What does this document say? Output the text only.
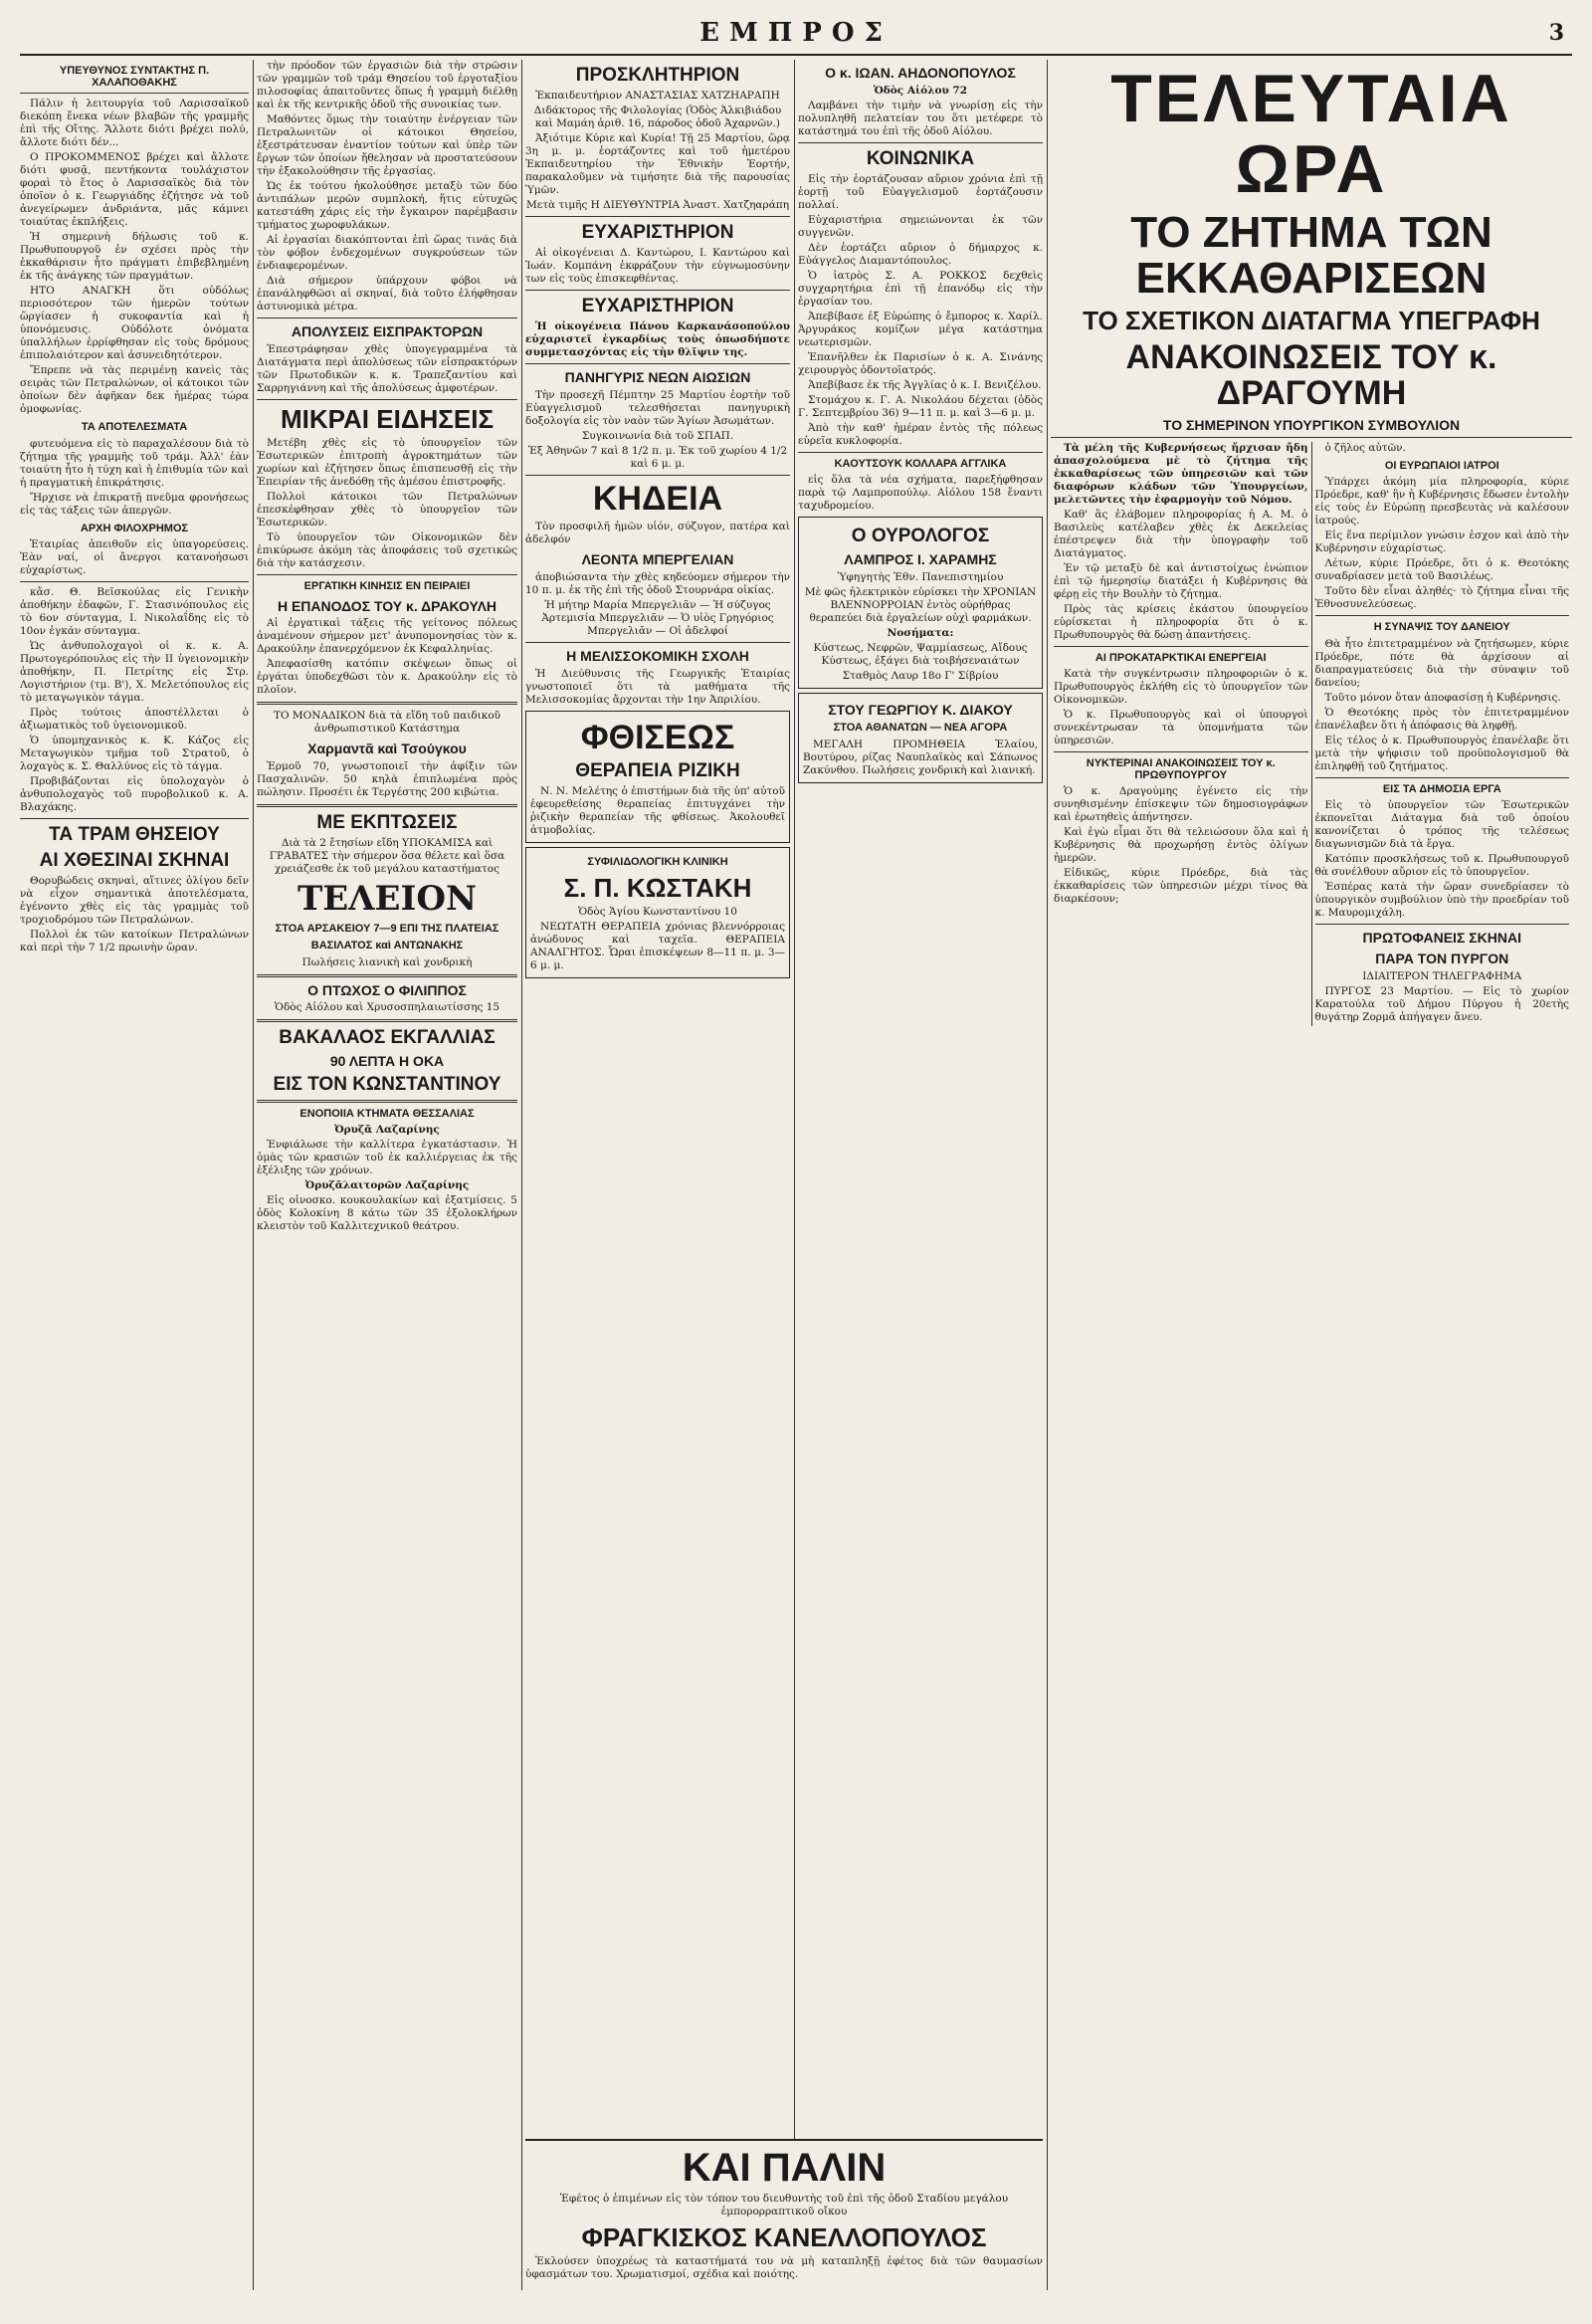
ΕΜΠΡΟΣ	3
ΥΠΕΥΘΥΝΟΣ ΣΥΝΤΑΚΤΗΣ Π. ΧΑΛΑΠΟΘΑΚΗΣ

Πάλιν ἡ λειτουργία τοῦ Λαρισσαϊκοῦ διεκόπη ἕνεκα νέων βλαβῶν τῆς γραμμῆς ἐπὶ τῆς Οἴτης. Ἄλλοτε διότι βρέχει πολύ, ἄλλοτε διότι δέν...

Ο ΠΡΟΚΟΜΜΕΝΟΣ βρέχει καὶ ἄλλοτε διότι φυσᾷ, πεντήκοντα τουλάχιστον φοραὶ τὸ ἔτος ὁ Λαρισσαϊκὸς διὰ τὸν ὁποῖον ὁ κ. Γεωργιάδης ἐζήτησε νὰ τοῦ ἀνεγείρωμεν ἀνδριάντα, μᾶς κάμνει τοιαύτας ἐκπλήξεις.

Ἡ σημερινὴ δήλωσις τοῦ κ. Πρωθυπουργοῦ ἐν σχέσει πρὸς τὴν ἐκκαθάρισιν ἦτο πράγματι ἐπιβεβλημένη ἐκ τῆς ἀνάγκης τῶν πραγμάτων.

ΗΤΟ ΑΝΑΓΚΗ ὅτι οὐδόλως περιοσότερον τῶν ἡμερῶν τούτων ὥργίασεν ἡ συκοφαντία καὶ ἡ ὑπονόμευσις. Οὐδόλοτε ὀνόματα ὑπαλλήλων ἐρρίφθησαν εἰς τοὺς δρόμους ἐπιπολαιότερον καὶ ἀσυνειδητότερον.

Ἔπρεπε νὰ τὰς περιμένῃ κανεὶς τὰς σειρὰς τῶν Πετραλώνων, οἱ κάτοικοι τῶν ὁποίων δὲν ἀφῆκαν δεκ ἡμέρας τώρα ὁμοφωνίας.

ΤΑ ΑΠΟΤΕΛΕΣΜΑΤΑ

φυτευόμενα εἰς τὸ παραχαλέσουν διὰ τὸ ζήτημα τῆς γραμμῆς τοῦ τράμ. Ἀλλ' ἐὰν τοιαύτη ἦτο ἡ τύχη καὶ ἡ ἐπιθυμία τῶν καὶ ἡ πραγματικὴ ἐπικράτησις.

Ἤρχισε νὰ ἐπικρατῇ πνεῦμα φρονήσεως εἰς τὰς τάξεις τῶν ἀπεργῶν.

ΑΡΧΗ ΦΙΛΟΧΡΗΜΟΣ

Ἑταιρίας ἀπειθοῦν εἰς ὑπαγορεύσεις. Ἐὰν ναί, οἱ ἄνεργοι κατανοήσωσι εὐχαρίστως.

κἄσ. Θ. Βεϊσκούλας εἰς Γενικὴν ἀποθήκην ἐδαφῶν, Γ. Στασινόπουλος εἰς τὸ 6ον σύνταγμα, Ι. Νικολαΐδης εἰς τὸ 10ον ἐγκάν σύνταγμα.

Ὡς ἀνθυπολοχαγοὶ οἱ κ. κ. Α. Πρωτογερόπουλος εἰς τὴν ΙΙ ὑγειονομικὴν ἀποθήκην, Π. Πετρίτης εἰς Στρ. Λογιστήριον (τμ. Β'), Χ. Μελετόπουλος εἰς τὸ μεταγωγικὸν τάγμα.

Πρὸς τούτοις ἀποστέλλεται ὁ ἀξιωματικὸς τοῦ ὑγειονομικοῦ.

Ὁ ὑπομηχανικὸς κ. Κ. Κάζος εἰς Μεταγωγικὸν τμῆμα τοῦ Στρατοῦ, ὁ λοχαγὸς κ. Σ. Θαλλύνος εἰς τὸ τάγμα.

Προβιβάζονται εἰς ὑπολοχαγὸν ὁ ἀνθυπολοχαγὸς τοῦ πυροβολικοῦ κ. Α. Βλαχάκης.

ΤΑ ΤΡΑΜ ΘΗΣΕΙΟΥ
ΑΙ ΧΘΕΣΙΝΑΙ ΣΚΗΝΑΙ

Θορυβώδεις σκηναὶ, αἵτινες ὀλίγου δεῖν νὰ εἶχον σημαντικὰ ἀποτελέσματα, ἐγένοντο χθὲς εἰς τὰς γραμμὰς τοῦ τροχιοδρόμου τῶν Πετραλώνων.

Πολλοὶ ἐκ τῶν κατοίκων Πετραλώνων καὶ περὶ τὴν 7 1/2 πρωινὴν ὥραν.

τὴν πρόοδον τῶν ἐργασιῶν διὰ τὴν στρῶσιν τῶν γραμμῶν τοῦ τράμ Θησείου τοῦ ἐργοταξίου πιλοσοφίας ἀπαιτοῦντες ὅπως ἡ γραμμὴ διέλθῃ καὶ ἐκ τῆς κεντρικῆς ὁδοῦ τῆς συνοικίας των.

Μαθόντες ὅμως τὴν τοιαύτην ἐνέργειαν τῶν Πετραλωνιτῶν οἱ κάτοικοι Θησείου, ἐξεστράτευσαν ἐναντίον τούτων καὶ ὑπὲρ τῶν ἔργων τῶν ὁποίων ἤθελησαν νὰ προστατεύσουν τὴν ἐξακολούθησιν τῆς ἐργασίας.

Ὡς ἐκ τούτου ἠκολούθησε μεταξὺ τῶν δύο ἀντιπάλων μερῶν συμπλοκή, ἥτις εὐτυχῶς κατεστάθη χάρις εἰς τὴν ἔγκαιρον παρέμβασιν τμήματος χωροφυλάκων.

Αἱ ἐργασίαι διακόπτονται ἐπὶ ὥρας τινάς διὰ τὸν φόβον ἐνδεχομένων συγκρούσεων τῶν ἐνδιαφερομένων.

Διὰ σήμερον ὑπάρχουν φόβοι νὰ ἐπανάληφθῶσι αἱ σκηναί, διὰ τοῦτο ἐλήφθησαν ἀστυνομικὰ μέτρα.

ΑΠΟΛΥΣΕΙΣ ΕΙΣΠΡΑΚΤΟΡΩΝ

Ἐπεστράφησαν χθὲς ὑπογεγραμμένα τὰ Διατάγματα περὶ ἀπολύσεως τῶν εἰσπρακτόρων τῶν Πρωτοδικῶν κ. κ. Τραπεζαντίου καὶ Σαρρηγιάννη καὶ τῆς ἀπολύσεως ἀμφοτέρων.

ΜΙΚΡΑΙ ΕΙΔΗΣΕΙΣ

Μετέβη χθὲς εἰς τὸ ὑπουργεῖον τῶν Ἐσωτερικῶν ἐπιτροπὴ ἀγροκτημάτων τῶν χωρίων καὶ ἐζήτησεν ὅπως ἐπισπευσθῇ εἰς τὴν Ἐπειρίαν τῆς ἀνεδόθῃ τῆς ἀμέσου ἐπιστροφῆς.

Πολλοὶ κάτοικοι τῶν Πετραλώνων ἐπεσκέφθησαν χθὲς τὸ ὑπουργεῖον τῶν Ἐσωτερικῶν.

Τὸ ὑπουργεῖον τῶν Οἰκονομικῶν δὲν ἐπικύρωσε ἀκόμη τὰς ἀποφάσεις τοῦ σχετικῶς διὰ τὴν κατάσχεσιν.

ΕΡΓΑΤΙΚΗ ΚΙΝΗΣΙΣ ΕΝ ΠΕΙΡΑΙΕΙ
Η ΕΠΑΝΟΔΟΣ ΤΟΥ κ. ΔΡΑΚΟΥΛΗ

Αἱ ἐργατικαὶ τάξεις τῆς γείτονος πόλεως ἀναμένουν σήμερον μετ' ἀνυπομονησίας τὸν κ. Δρακούλην ἐπανερχόμενον ἐκ Κεφαλληνίας.

Ἀπεφασίσθη κατόπιν σκέψεων ὅπως οἱ ἐργάται ὑποδεχθῶσι τὸν κ. Δρακούλην εἰς τὸ πλοῖον.

ΤΟ ΜΟΝΑΔΙΚΟΝ διὰ τὰ εἴδη τοῦ παιδικοῦ ἀνθρωπιστικοῦ Κατάστημα

Χαρμαντᾶ καὶ Τσούγκου

Ἑρμοῦ 70, γνωστοποιεῖ τὴν ἀφίξιν τῶν Πασχαλινῶν. 50 κηλὰ ἐπιπλωμένα πρὸς πώλησιν. Προσέτι ἐκ Τεργέστης 200 κιβώτια.

ΜΕ ΕΚΠΤΩΣΕΙΣ

Διὰ τὰ 2 ἔτησίων εἴδη ΥΠΟΚΑΜΙΣΑ καὶ ΓΡΑΒΑΤΕΣ τὴν σήμερον ὅσα θέλετε καὶ ὅσα χρειάζεσθε ἐκ τοῦ μεγάλου καταστήματος

ΤΕΛΕΙΟΝ
ΣΤΟΑ ΑΡΣΑΚΕΙΟΥ 7—9 ΕΠΙ ΤΗΣ ΠΛΑΤΕΙΑΣ
ΒΑΣΙΛΑΤΟΣ καὶ ΑΝΤΩΝΑΚΗΣ

Πωλήσεις λιανικὴ καὶ χονδρικὴ

Ο ΠΤΩΧΟΣ Ο ΦΙΛΙΠΠΟΣ

Ὁδὸς Αἰόλου καὶ Χρυσοσπηλαιωτίσσης 15

ΒΑΚΑΛΑΟΣ ΕΚΓΑΛΛΙΑΣ
90 ΛΕΠΤΑ Η ΟΚΑ
ΕΙΣ ΤΟΝ ΚΩΝΣΤΑΝΤΙΝΟΥ
ΕΝΟΠΟΙΙΑ ΚΤΗΜΑΤΑ ΘΕΣΣΑΛΙΑΣ

Ὀρυζᾶ Λαζαρίνης

Ἐνφιάλωσε τὴν καλλίτερα ἐγκατάστασιν. Ἡ ὁμὰς τῶν κρασιῶν τοῦ ἐκ καλλιέργειας ἐκ τῆς ἐξέλιξης τῶν χρόνων.

Ὀρυζᾶλαιτορῶν Λαζαρίνης

Εἰς οἰνοσκο. κουκουλακίων καὶ ἐξατμίσεις. 5 ὁδὸς Κολοκίνη 8 κάτω τῶν 35 ἐξολοκλήρων κλειστὸν τοῦ Καλλιτεχνικοῦ θεάτρου.

ΠΡΟΣΚΛΗΤΗΡΙΟΝ

Ἐκπαιδευτήριον ΑΝΑΣΤΑΣΙΑΣ ΧΑΤΖΗΑΡΑΠΗ

Διδάκτορος τῆς Φιλολογίας (Ὁδὸς Ἀλκιβιάδου καὶ Μαμάη ἀριθ. 16, πάροδος ὁδοῦ Ἀχαρνῶν.)

Ἀξιότιμε Κύριε καὶ Κυρία! Τῇ 25 Μαρτίου, ὥρᾳ 3η μ. μ. ἑορτάζοντες καὶ τοῦ ἡμετέρου Ἐκπαιδευτηρίου τὴν Ἐθνικὴν Ἑορτήν, παρακαλοῦμεν νὰ τιμήσητε διὰ τῆς παρουσίας Ὑμῶν.

Μετὰ τιμῆς Η ΔΙΕΥΘΥΝΤΡΙΑ Ἀναστ. Χατζηαράπη

ΕΥΧΑΡΙΣΤΗΡΙΟΝ

Αἱ οἰκογένειαι Δ. Καντώρου, Ι. Καντώρου καὶ Ἰωάν. Κομπάνη ἐκφράζουν τὴν εὐγνωμοσύνην των εἰς τοὺς ἐπισκεφθέντας.

ΕΥΧΑΡΙΣΤΗΡΙΟΝ

Ἡ οἰκογένεια Πάνου Καρκανάσοπούλου εὐχαριστεῖ ἐγκαρδίως τοὺς ὁπωσδήποτε συμμετασχόντας εἰς τὴν θλῖψιν της.

ΠΑΝΗΓΥΡΙΣ ΝΕΩΝ ΑΙΩΣΙΩΝ

Τὴν προσεχῆ Πέμπτην 25 Μαρτίου ἑορτὴν τοῦ Εὐαγγελισμοῦ τελεσθήσεται πανηγυρικὴ δοξολογία εἰς τὸν ναὸν τῶν Ἁγίων Ἀσωμάτων.

Συγκοινωνία διὰ τοῦ ΣΠΑΠ.

Ἐξ Ἀθηνῶν 7 καὶ 8 1/2 π. μ. Ἐκ τοῦ χωρίου 4 1/2 καὶ 6 μ. μ.

ΚΗΔΕΙΑ

Τὸν προσφιλῆ ἡμῶν υἱόν, σύζυγον, πατέρα καὶ ἀδελφόν

ΛΕΟΝΤΑ ΜΠΕΡΓΕΛΙΑΝ

ἀποβιώσαντα τὴν χθὲς κηδεύομεν σήμερον τὴν 10 π. μ. ἐκ τῆς ἐπὶ τῆς ὁδοῦ Στουρνάρα οἰκίας.

Ἡ μήτηρ Μαρία Μπεργελιᾶν — Ἡ σύζυγος Ἀρτεμισία Μπεργελιᾶν — Ὁ υἱὸς Γρηγόριος Μπεργελιᾶν — Οἱ ἀδελφοί

Η ΜΕΛΙΣΣΟΚΟΜΙΚΗ ΣΧΟΛΗ

Ἡ Διεύθυνσις τῆς Γεωργικῆς Ἑταιρίας γνωστοποιεῖ ὅτι τὰ μαθήματα τῆς Μελισσοκομίας ἄρχονται τὴν 1ην Ἀπριλίου.

ΦΘΙΣΕΩΣ
ΘΕΡΑΠΕΙΑ ΡΙΖΙΚΗ

Ν. Ν. Μελέτης ὁ ἐπιστήμων διὰ τῆς ὑπ' αὐτοῦ ἐφευρεθείσης θεραπείας ἐπιτυγχάνει τὴν ῥιζικὴν θεραπείαν τῆς φθίσεως. Ἀκολουθεῖ ἀτμοβολίας.

ΣΥΦΙΛΙΔΟΛΟΓΙΚΗ ΚΛΙΝΙΚΗ
Σ. Π. ΚΩΣΤΑΚΗ

Ὁδὸς Ἁγίου Κωνσταντίνου 10

ΝΕΩΤΑΤΗ ΘΕΡΑΠΕΙΑ χρόνιας βλεννόρροιας ἀνώδυνος καὶ ταχεῖα. ΘΕΡΑΠΕΙΑ ΑΝΑΛΓΗΤΟΣ. Ὧραι ἐπισκέψεων 8—11 π. μ. 3—6 μ. μ.

Ο κ. ΙΩΑΝ. ΑΗΔΟΝΟΠΟΥΛΟΣ

Ὁδὸς Αἰόλου 72

Λαμβάνει τὴν τιμὴν νὰ γνωρίσῃ εἰς τὴν πολυπληθῆ πελατείαν του ὅτι μετέφερε τὸ κατάστημά του ἐπὶ τῆς ὁδοῦ Αἰόλου.

ΚΟΙΝΩΝΙΚΑ

Εἰς τὴν ἑορτάζουσαν αὔριον χρόνια ἐπὶ τῇ ἑορτῇ τοῦ Εὐαγγελισμοῦ ἑορτάζουσιν πολλαί.

Εὐχαριστήρια σημειώνονται ἐκ τῶν συγγενῶν.

Δὲν ἑορτάζει αὔριον ὁ δήμαρχος κ. Εὐάγγελος Διαμαντόπουλος.

Ὁ ἰατρὸς Σ. Α. ΡΟΚΚΟΣ δεχθεὶς συγχαρητήρια ἐπὶ τῇ ἐπανόδῳ εἰς τὴν ἐργασίαν του.

Ἀπεβίβασε ἐξ Εὐρώπης ὁ ἔμπορος κ. Χαρίλ. Ἀργυράκος κομίζων μέγα κατάστημα νεωτερισμῶν.

Ἐπανῆλθεν ἐκ Παρισίων ὁ κ. Α. Σινάνης χειρουργὸς ὀδοντοϊατρός.

Ἀπεβίβασε ἐκ τῆς Ἀγγλίας ὁ κ. Ι. Βενιζέλου.

Στομάχου κ. Γ. Α. Νικολάου δέχεται (ὁδὸς Γ. Σεπτεμβρίου 36) 9—11 π. μ. καὶ 3—6 μ. μ.

Ἀπὸ τὴν καθ' ἡμέραν ἐντὸς τῆς πόλεως εὑρεῖα κυκλοφορία.

ΚΑΟΥΤΣΟΥΚ ΚΟΛΛΑΡΑ ΑΓΓΛΙΚΑ

εἰς ὅλα τὰ νέα σχήματα, παρεξήφθησαν παρὰ τῷ Λαμπροπούλῳ. Αἰόλου 158 ἔναντι ταχυδρομείου.

Ο ΟΥΡΟΛΟΓΟΣ
ΛΑΜΠΡΟΣ Ι. ΧΑΡΑΜΗΣ

Ὑφηγητὴς Ἐθν. Πανεπιστημίου

Μὲ φῶς ἠλεκτρικὸν εὑρίσκει τὴν ΧΡΟΝΙΑΝ ΒΛΕΝΝΟΡΡΟΙΑΝ ἐντὸς οὐρήθρας θεραπεύει διὰ ἐργαλείων οὐχὶ φαρμάκων.

Νοσήματα:

Κύστεως, Νεφρῶν, Ψαμμίασεως, Αἴδους Κύστεως, ἐξάγει διὰ τοιβήσεναιάτων

Σταθμὸς Λαυρ 18ο Γ' Σίβρίου

ΣΤΟΥ ΓΕΩΡΓΙΟΥ Κ. ΔΙΑΚΟΥ
ΣΤΟΑ ΑΘΑΝΑΤΩΝ — ΝΕΑ ΑΓΟΡΑ

ΜΕΓΑΛΗ ΠΡΟΜΗΘΕΙΑ Ἐλαίου, Βουτύρου, ρίζας Ναυπλαϊκὸς καὶ Σάπωνος Ζακύνθου. Πωλήσεις χονδρικὴ καὶ λιανική.

ΤΕΛΕΥΤΑΙΑ ΩΡΑ
ΤΟ ΖΗΤΗΜΑ ΤΩΝ ΕΚΚΑΘΑΡΙΣΕΩΝ
ΤΟ ΣΧΕΤΙΚΟΝ ΔΙΑΤΑΓΜΑ ΥΠΕΓΡΑΦΗ
ΑΝΑΚΟΙΝΩΣΕΙΣ ΤΟΥ κ. ΔΡΑΓΟΥΜΗ
ΤΟ ΣΗΜΕΡΙΝΟΝ ΥΠΟΥΡΓΙΚΟΝ ΣΥΜΒΟΥΛΙΟΝ

Τὰ μέλη τῆς Κυβερνήσεως ἤρχισαν ἤδη ἀπασχολούμενα μὲ τὸ ζήτημα τῆς ἐκκαθαρίσεως τῶν ὑπηρεσιῶν καὶ τῶν διαφόρων κλάδων τῶν Ὑπουργείων, μελετῶντες τὴν ἐφαρμογὴν τοῦ Νόμου.

Καθ' ἃς ἐλάβομεν πληροφορίας ἡ Α. Μ. ὁ Βασιλεὺς κατέλαβεν χθὲς ἐκ Δεκελείας ἐπέστρεψεν διὰ τὴν ὑπογραφὴν τοῦ Διατάγματος.

Ἐν τῷ μεταξὺ δὲ καὶ ἀντιστοίχως ἑνώπιον ἐπὶ τῷ ἡμερησίῳ διατάξει ἡ Κυβέρνησις θὰ φέρῃ εἰς τὴν Βουλὴν τὸ ζήτημα.

Πρὸς τὰς κρίσεις ἑκάστου ὑπουργείου εὑρίσκεται ἡ πληροφορία ὅτι ὁ κ. Πρωθυπουργὸς θὰ δώσῃ ἀπαντήσεις.

ΑΙ ΠΡΟΚΑΤΑΡΚΤΙΚΑΙ ΕΝΕΡΓΕΙΑΙ

Κατὰ τὴν συγκέντρωσιν πληροφοριῶν ὁ κ. Πρωθυπουργὸς ἐκλήθη εἰς τὸ ὑπουργεῖον τῶν Οἰκονομικῶν.

Ὁ κ. Πρωθυπουργὸς καὶ οἱ ὑπουργοὶ συνεκέντρωσαν τὰ ὑπομνήματα τῶν ὑπηρεσιῶν.

ΝΥΚΤΕΡΙΝΑΙ ΑΝΑΚΟΙΝΩΣΕΙΣ ΤΟΥ κ. ΠΡΩΘΥΠΟΥΡΓΟΥ

Ὁ κ. Δραγούμης ἐγένετο εἰς τὴν συνηθισμένην ἐπίσκεψιν τῶν δημοσιογράφων καὶ ἐρωτηθεὶς ἀπήντησεν.

Καὶ ἐγὼ εἶμαι ὅτι θὰ τελειώσουν ὅλα καὶ ἡ Κυβέρνησις θὰ προχωρήσῃ ἐντὸς ὀλίγων ἡμερῶν.

Εἰδικῶς, κύριε Πρόεδρε, διὰ τὰς ἐκκαθαρίσεις τῶν ὑπηρεσιῶν μέχρι τίνος θὰ διαρκέσουν;

ὁ ζῆλος αὐτῶν.

ΟΙ ΕΥΡΩΠΑΙΟΙ ΙΑΤΡΟΙ

Ὑπάρχει ἀκόμη μία πληροφορία, κύριε Πρόεδρε, καθ' ἣν ἡ Κυβέρνησις ἔδωσεν ἐντολὴν εἰς τοὺς ἐν Εὐρώπῃ πρεσβευτὰς νὰ καλέσουν ἰατρούς.

Εἰς ἕνα περίμιλον γνώσιν ἐσχον καὶ ἀπὸ τὴν Κυβέρνησιν εὐχαρίστως.

Λέτων, κύριε Πρόεδρε, ὅτι ὁ κ. Θεοτόκης συναδρίασεν μετὰ τοῦ Βασιλέως.

Τοῦτο δὲν εἶναι ἀληθές· τὸ ζήτημα εἶναι τῆς Ἐθνοσυνελεύσεως.

Η ΣΥΝΑΨΙΣ ΤΟΥ ΔΑΝΕΙΟΥ

Θὰ ἦτο ἐπιτετραμμένον νὰ ζητήσωμεν, κύριε Πρόεδρε, πότε θὰ ἀρχίσουν αἱ διαπραγματεύσεις διὰ τὴν σύναψιν τοῦ δανείου;

Τοῦτο μόνον ὅταν ἀποφασίσῃ ἡ Κυβέρνησις.

Ὁ Θεοτόκης πρὸς τὸν ἐπιτετραμμένον ἐπανέλαβεν ὅτι ἡ ἀπόφασις θὰ ληφθῇ.

Εἰς τέλος ὁ κ. Πρωθυπουργὸς ἐπανέλαβε ὅτι μετὰ τὴν ψήφισιν τοῦ προϋπολογισμοῦ θὰ ἐπιληφθῇ τοῦ ζητήματος.

ΕΙΣ ΤΑ ΔΗΜΟΣΙΑ ΕΡΓΑ

Εἰς τὸ ὑπουργεῖον τῶν Ἐσωτερικῶν ἐκπονεῖται Διάταγμα διὰ τοῦ ὁποίου κανονίζεται ὁ τρόπος τῆς τελέσεως διαγωνισμῶν διὰ τὰ ἔργα.

Κατόπιν προσκλήσεως τοῦ κ. Πρωθυπουργοῦ θὰ συνέλθουν αὔριον εἰς τὸ ὑπουργεῖον.

Ἑσπέρας κατὰ τὴν ὥραν συνεδρίασεν τὸ ὑπουργικὸν συμβούλιον ὑπὸ τὴν προεδρίαν τοῦ κ. Μαυρομιχάλη.

ΠΡΩΤΟΦΑΝΕΙΣ ΣΚΗΝΑΙ
ΠΑΡΑ ΤΟΝ ΠΥΡΓΟΝ

ΙΔΙΑΙΤΕΡΟΝ ΤΗΛΕΓΡΑΦΗΜΑ

ΠΥΡΓΟΣ 23 Μαρτίου. — Εἰς τὸ χωρίον Καρατούλα τοῦ Δήμου Πύργου ἡ 20ετὴς θυγάτηρ Ζορμᾶ ἀπήγαγεν ἄνευ.

ΚΑΙ ΠΑΛΙΝ

Ἐφέτος ὁ ἐπιμένων εἰς τὸν τόπον του διευθυντὴς τοῦ ἐπὶ τῆς ὁδοῦ Σταδίου μεγάλου ἐμπορορραπτικοῦ οἴκου

ΦΡΑΓΚΙΣΚΟΣ ΚΑΝΕΛΛΟΠΟΥΛΟΣ

Ἐκλούσεν ὑποχρέως τὰ καταστήματά του νὰ μὴ καταπληξῇ ἐφέτος διὰ τῶν θαυμασίων ὑφασμάτων του. Χρωματισμοί, σχέδια καὶ ποιότης.
